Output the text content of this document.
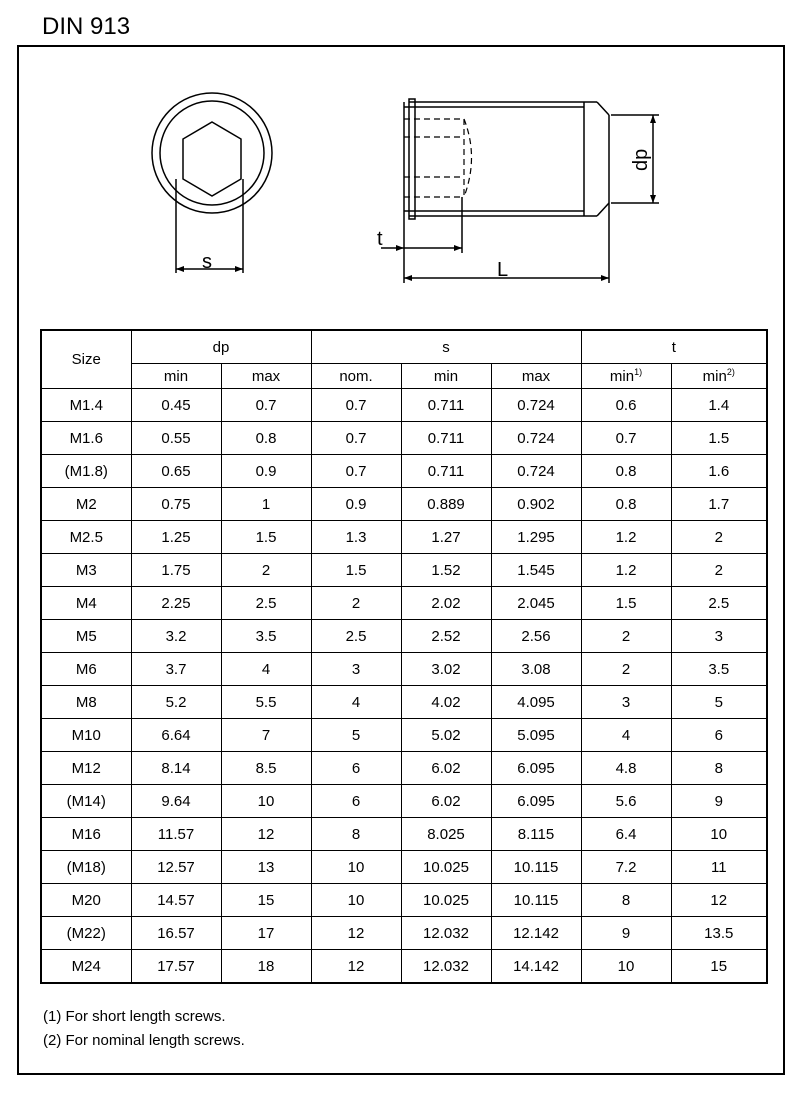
DIN 913
s
t
L
dp
Size	dp		s			t	
	min	max	nom.	min	max	$\min^{1)}$	$\min^{2)}$
M1.4	0.45	0.7	0.7	0.711	0.724	0.6	1.4
M1.6	0.55	0.8	0.7	0.711	0.724	0.7	1.5
(M1.8)	0.65	0.9	0.7	0.711	0.724	0.8	1.6
M2	0.75	1	0.9	0.889	0.902	0.8	1.7
M2.5	1.25	1.5	1.3	1.27	1.295	1.2	2
M3	1.75	2	1.5	1.52	1.545	1.2	2
M4	2.25	2.5	2	2.02	2.045	1.5	2.5
M5	3.2	3.5	2.5	2.52	2.56	2	3
M6	3.7	4	3	3.02	3.08	2	3.5
M8	5.2	5.5	4	4.02	4.095	3	5
M10	6.64	7	5	5.02	5.095	4	6
M12	8.14	8.5	6	6.02	6.095	4.8	8
(M14)	9.64	10	6	6.02	6.095	5.6	9
M16	11.57	12	8	8.025	8.115	6.4	10
(M18)	12.57	13	10	10.025	10.115	7.2	11
M20	14.57	15	10	10.025	10.115	8	12
(M22)	16.57	17	12	12.032	12.142	9	13.5
M24	17.57	18	12	12.032	14.142	10	15
(1) For short length screws.
(2) For nominal length screws.
